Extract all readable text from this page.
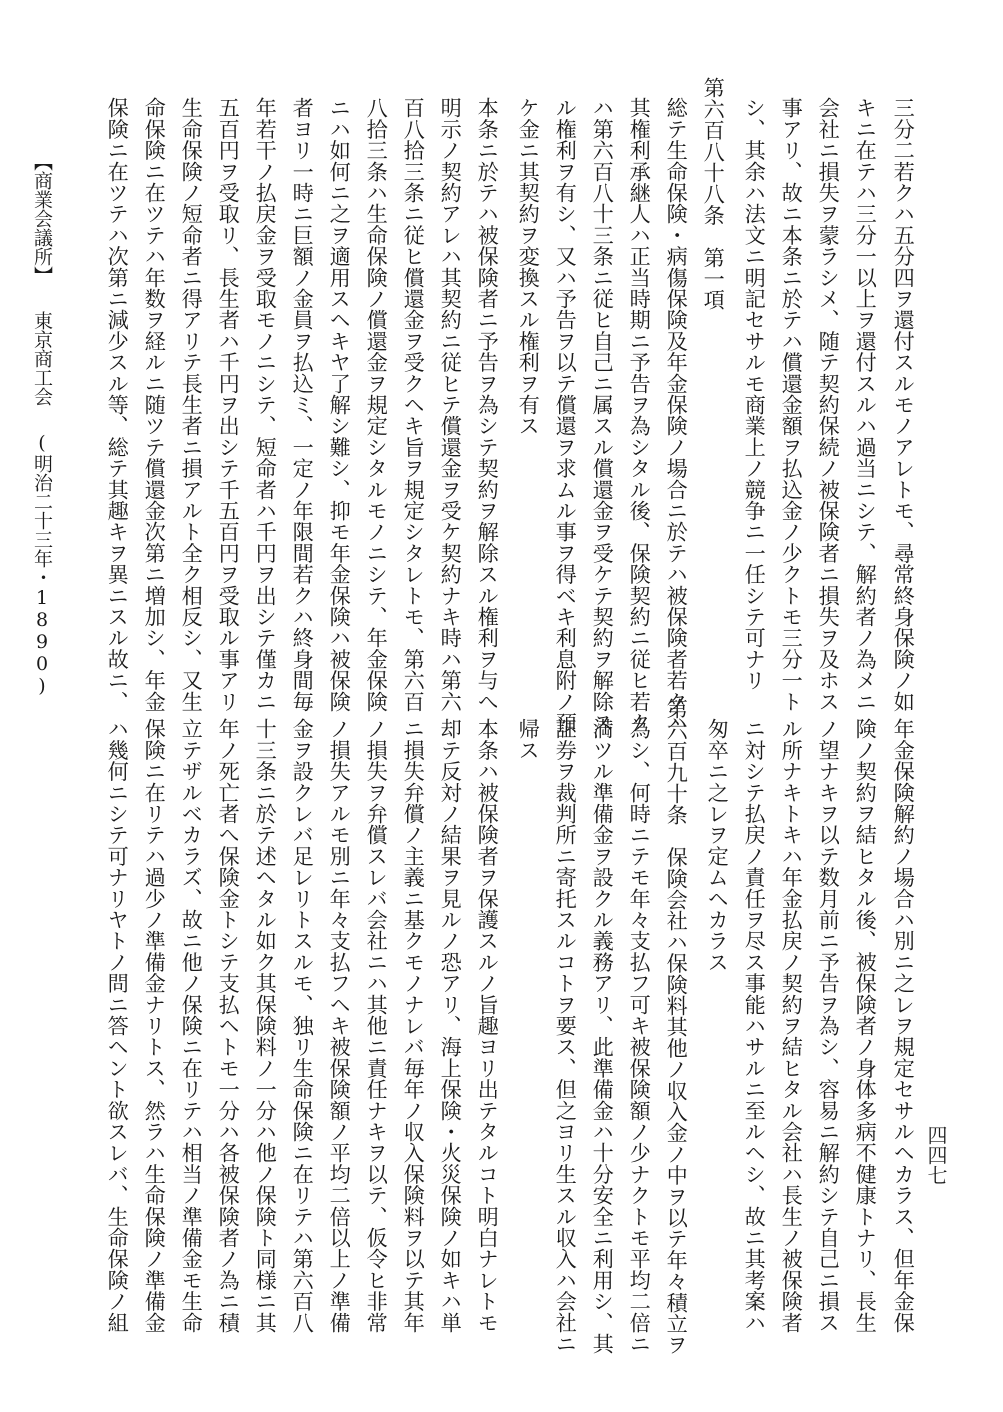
三分二若クハ五分四ヲ還付スルモノアレトモ、尋常終身保険ノ如
キニ在テハ三分一以上ヲ還付スルハ過当ニシテ、解約者ノ為メニ
会社ニ損失ヲ蒙ラシメ、随テ契約保続ノ被保険者ニ損失ヲ及ホス
事アリ、故ニ本条ニ於テハ償還金額ヲ払込金ノ少クトモ三分一ト
シ、其余ハ法文ニ明記セサルモ商業上ノ競争ニ一任シテ可ナリ
第六百八十八条　第一項
総テ生命保険・病傷保険及年金保険ノ場合ニ於テハ被保険者若クハ
其権利承継人ハ正当時期ニ予告ヲ為シタル後、保険契約ニ従ヒ若ク
ハ第六百八十三条ニ従ヒ自己ニ属スル償還金ヲ受ケテ契約ヲ解除ス
ル権利ヲ有シ、又ハ予告ヲ以テ償還ヲ求ムル事ヲ得ベキ利息附ノ預
ケ金ニ其契約ヲ変換スル権利ヲ有ス
本条ニ於テハ被保険者ニ予告ヲ為シテ契約ヲ解除スル権利ヲ与へ
明示ノ契約アレハ其契約ニ従ヒテ償還金ヲ受ケ契約ナキ時ハ第六
百八拾三条ニ従ヒ償還金ヲ受クヘキ旨ヲ規定シタレトモ、第六百
八拾三条ハ生命保険ノ償還金ヲ規定シタルモノニシテ、年金保険
ニハ如何ニ之ヲ適用スヘキヤ了解シ難シ、抑モ年金保険ハ被保険
者ヨリ一時ニ巨額ノ金員ヲ払込ミ、一定ノ年限間若クハ終身間毎
年若干ノ払戻金ヲ受取モノニシテ、短命者ハ千円ヲ出シテ僅カニ
五百円ヲ受取リ、長生者ハ千円ヲ出シテ千五百円ヲ受取ル事アリ
生命保険ノ短命者ニ得アリテ長生者ニ損アルト全ク相反シ、又生
命保険ニ在ツテハ年数ヲ経ルニ随ツテ償還金次第ニ増加シ、年金
保険ニ在ツテハ次第ニ減少スル等、総テ其趣キヲ異ニスル故ニ、
年金保険解約ノ場合ハ別ニ之レヲ規定セサルヘカラス、但年金保
険ノ契約ヲ結ヒタル後、被保険者ノ身体多病不健康トナリ、長生
ノ望ナキヲ以テ数月前ニ予告ヲ為シ、容易ニ解約シテ自己ニ損ス
ル所ナキトキハ年金払戻ノ契約ヲ結ヒタル会社ハ長生ノ被保険者
ニ対シテ払戻ノ責任ヲ尽ス事能ハサルニ至ルヘシ、故ニ其考案ハ
匆卒ニ之レヲ定ムヘカラス
第六百九十条　保険会社ハ保険料其他ノ収入金ノ中ヲ以テ年々積立ヲ
為シ、何時ニテモ年々支払フ可キ被保険額ノ少ナクトモ平均二倍ニ
満ツル準備金ヲ設クル義務アリ、此準備金ハ十分安全ニ利用シ、其
証券ヲ裁判所ニ寄托スルコトヲ要ス、但之ヨリ生スル収入ハ会社ニ
帰ス
本条ハ被保険者ヲ保護スルノ旨趣ヨリ出テタルコト明白ナレトモ
却テ反対ノ結果ヲ見ルノ恐アリ、海上保険・火災保険ノ如キハ単
ニ損失弁償ノ主義ニ基クモノナレバ毎年ノ収入保険料ヲ以テ其年
ノ損失ヲ弁償スレバ会社ニハ其他ニ責任ナキヲ以テ、仮令ヒ非常
ノ損失アルモ別ニ年々支払フヘキ被保険額ノ平均二倍以上ノ準備
金ヲ設クレバ足レリトスルモ、独リ生命保険ニ在リテハ第六百八
十三条ニ於テ述ヘタル如ク其保険料ノ一分ハ他ノ保険ト同様ニ其
年ノ死亡者へ保険金トシテ支払ヘトモ一分ハ各被保険者ノ為ニ積
立テザルベカラズ、故ニ他ノ保険ニ在リテハ相当ノ準備金モ生命
保険ニ在リテハ過少ノ準備金ナリトス、然ラハ生命保険ノ準備金
ハ幾何ニシテ可ナリヤトノ問ニ答ヘント欲スレバ、生命保険ノ組
【商業会議所】東京商工会(明治二十三年・1890)
四四七
